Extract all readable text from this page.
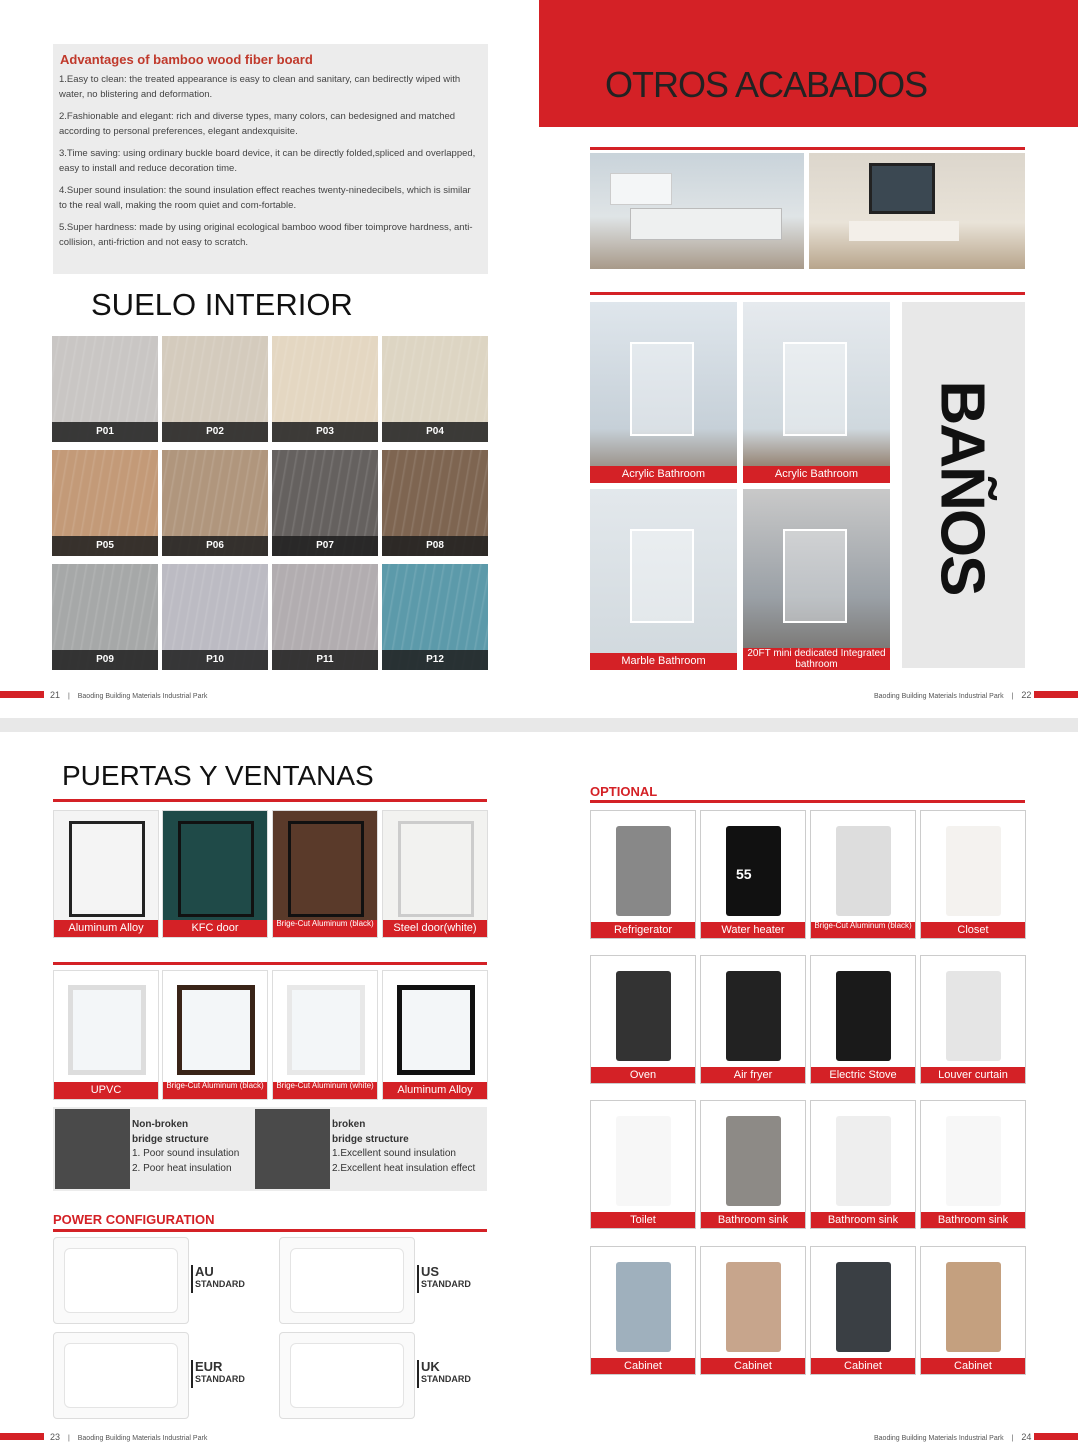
Advantages of bamboo wood fiber board
1.Easy to clean: the treated appearance is easy to clean and sanitary, can bedirectly wiped with water, no blistering and deformation.
2.Fashionable and elegant: rich and diverse types, many colors, can bedesigned and matched according to personal preferences, elegant andexquisite.
3.Time saving: using ordinary buckle board device, it can be directly folded,spliced and overlapped, easy to install and reduce decoration time.
4.Super sound insulation: the sound insulation effect reaches twenty-ninedecibels, which is similar to the real wall, making the room quiet and com-fortable.
5.Super hardness: made by using original ecological bamboo wood fiber toimprove hardness, anti-collision, anti-friction and not easy to scratch.
SUELO INTERIOR
P01	P02	P03	P04
P05	P06	P07	P08
P09	P10	P11	P12
21 | Baoding Building Materials Industrial Park
OTROS ACABADOS
Acrylic Bathroom	Acrylic Bathroom
Marble Bathroom
20FT mini dedicated Integrated bathroom
BAÑOS
Baoding Building Materials Industrial Park | 22
PUERTAS Y VENTANAS
Aluminum Alloy	KFC door	Brige-Cut Aluminum (black)	Steel door(white)
UPVC	Brige-Cut Aluminum (black)	Brige-Cut Aluminum (white)	Aluminum Alloy
Non-broken
bridge structure
1. Poor sound insulation
2. Poor heat insulation
broken
bridge structure
1.Excellent sound insulation
2.Excellent heat insulation effect
POWER CONFIGURATION
AU
STANDARD
US
STANDARD
EUR
STANDARD
UK
STANDARD
23 | Baoding Building Materials Industrial Park
OPTIONAL
Refrigerator
55
Water heater	Brige-Cut Aluminum (black)	Closet
Oven	Air fryer	Electric Stove	Louver curtain
Toilet	Bathroom sink	Bathroom sink	Bathroom sink
Cabinet	Cabinet	Cabinet	Cabinet
Baoding Building Materials Industrial Park | 24
